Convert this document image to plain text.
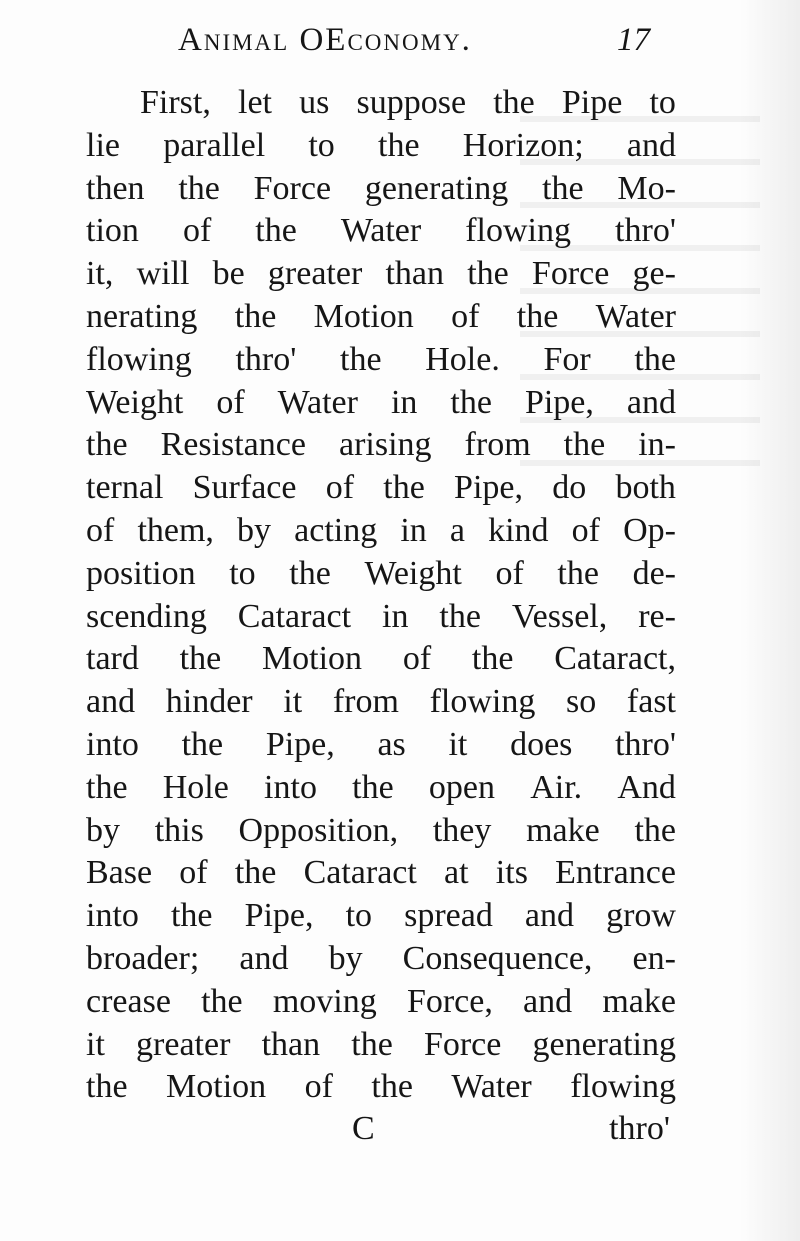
Animal OEconomy.	17
First, let us suppose the Pipe to
lie parallel to the Horizon; and
then the Force generating the Mo-
tion of the Water flowing thro'
it, will be greater than the Force ge-
nerating the Motion of the Water
flowing thro' the Hole. For the
Weight of Water in the Pipe, and
the Resistance arising from the in-
ternal Surface of the Pipe, do both
of them, by acting in a kind of Op-
position to the Weight of the de-
scending Cataract in the Vessel, re-
tard the Motion of the Cataract,
and hinder it from flowing so fast
into the Pipe, as it does thro'
the Hole into the open Air. And
by this Opposition, they make the
Base of the Cataract at its Entrance
into the Pipe, to spread and grow
broader; and by Consequence, en-
crease the moving Force, and make
it greater than the Force generating
the Motion of the Water flowing
C	thro'
